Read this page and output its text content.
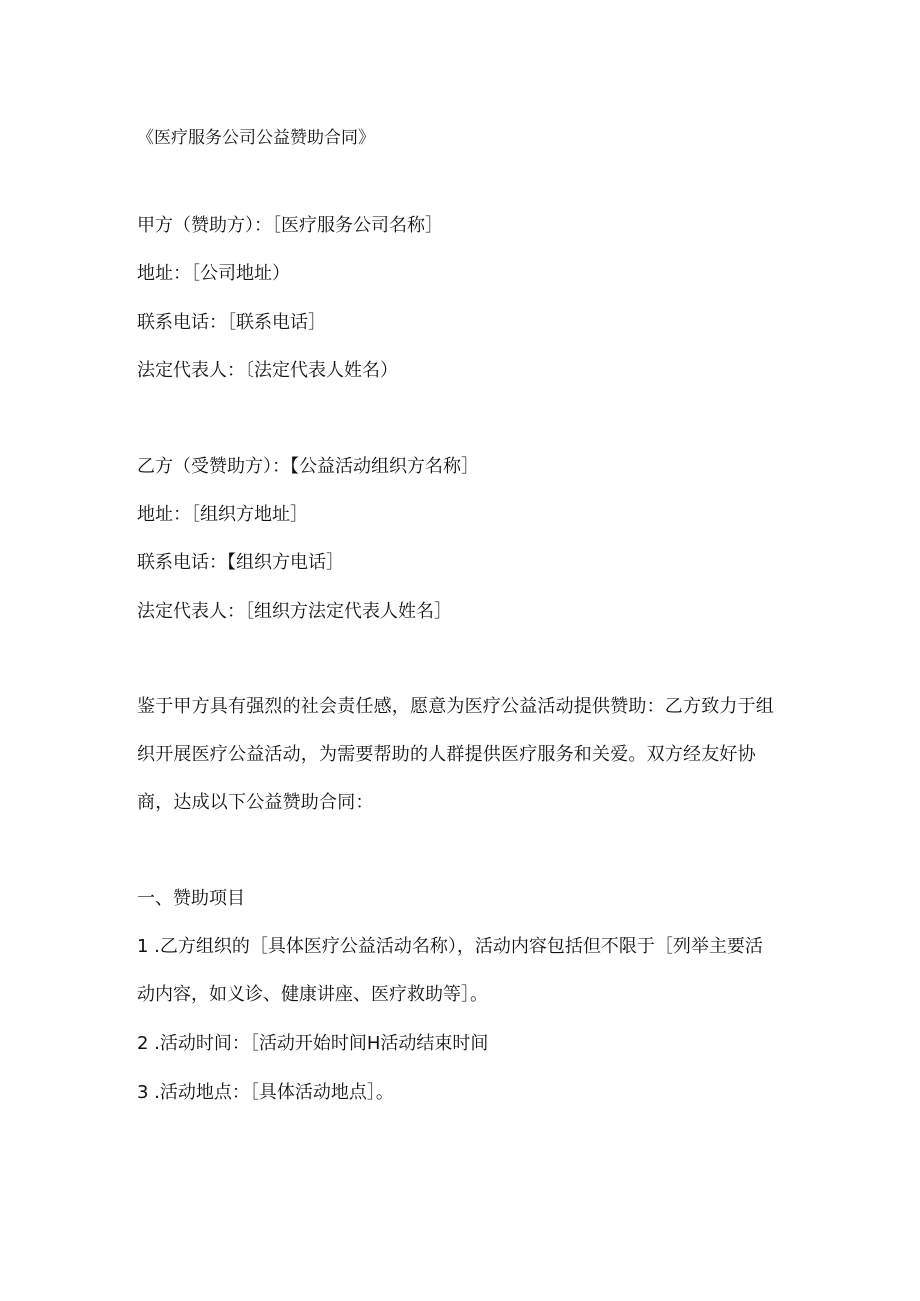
《医疗服务公司公益赞助合同》

甲方（赞助方）：［医疗服务公司名称］

地址：［公司地址）

联系电话：［联系电话］

法定代表人：〔法定代表人姓名）

乙方（受赞助方）：【公益活动组织方名称］

地址：［组织方地址］

联系电话：【组织方电话］

法定代表人：［组织方法定代表人姓名］

鉴于甲方具有强烈的社会责任感，愿意为医疗公益活动提供赞助：乙方致力于组织开展医疗公益活动，为需要帮助的人群提供医疗服务和关爱。双方经友好协商，达成以下公益赞助合同：

一、赞助项目

1 .乙方组织的［具体医疗公益活动名称），活动内容包括但不限于［列举主要活动内容，如义诊、健康讲座、医疗救助等］。

2 .活动时间：［活动开始时间H活动结束时间

3 .活动地点：［具体活动地点］。
